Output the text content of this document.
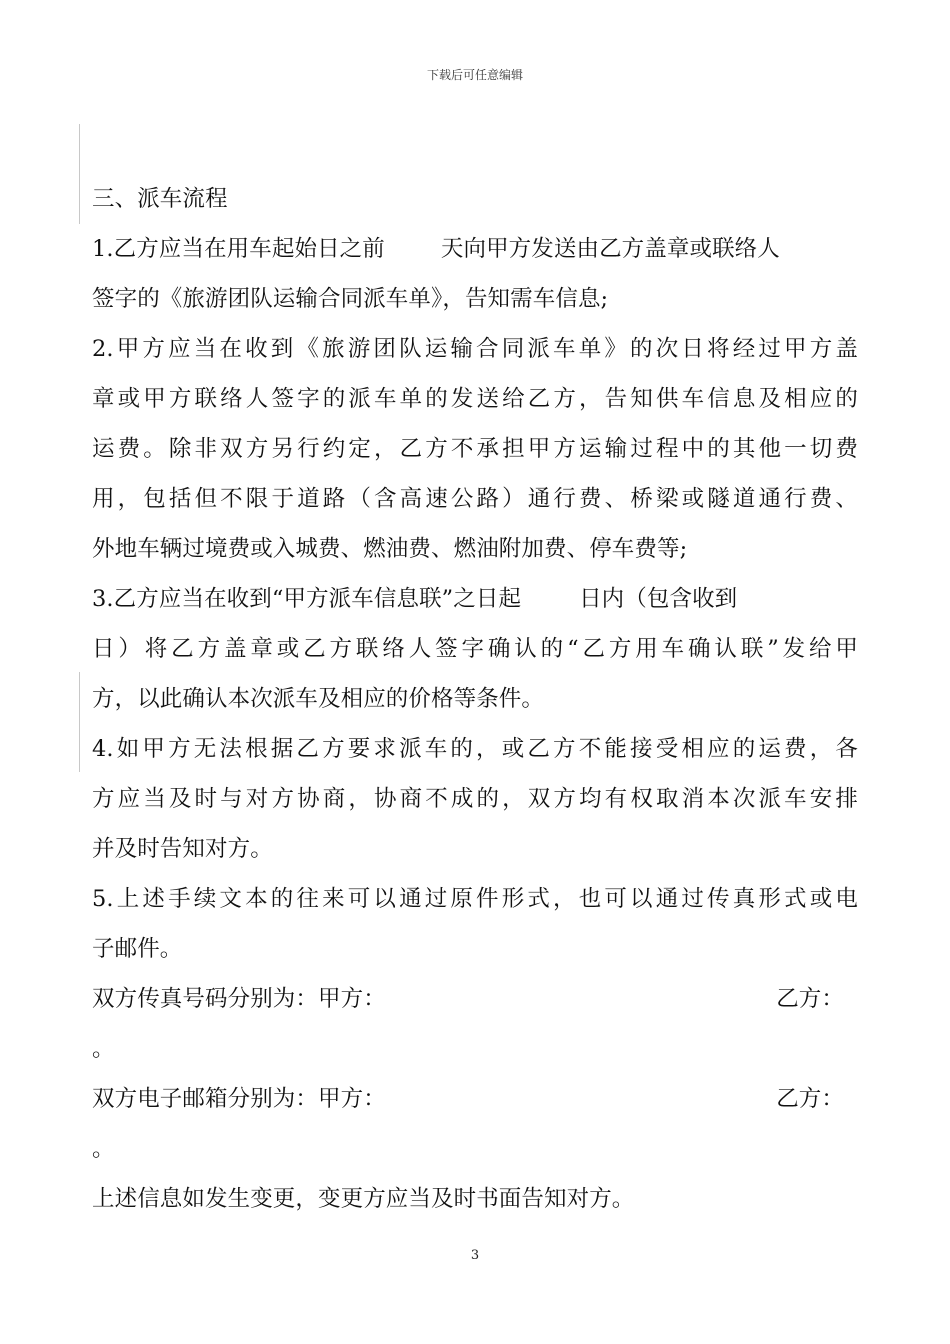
下载后可任意编辑
三、派车流程
1.乙方应当在用车起始日之前 天向甲方发送由乙方盖章或联络人
签字的《旅游团队运输合同派车单》，告知需车信息;
2.甲方应当在收到《旅游团队运输合同派车单》的次日将经过甲方盖
章或甲方联络人签字的派车单的发送给乙方，告知供车信息及相应的
运费。除非双方另行约定，乙方不承担甲方运输过程中的其他一切费
用，包括但不限于道路（含高速公路）通行费、桥梁或隧道通行费、
外地车辆过境费或入城费、燃油费、燃油附加费、停车费等;
3.乙方应当在收到“甲方派车信息联”之日起	日内（包含收到
日）将乙方盖章或乙方联络人签字确认的“乙方用车确认联”发给甲
方，以此确认本次派车及相应的价格等条件。
4.如甲方无法根据乙方要求派车的，或乙方不能接受相应的运费，各
方应当及时与对方协商，协商不成的，双方均有权取消本次派车安排
并及时告知对方。
5.上述手续文本的往来可以通过原件形式，也可以通过传真形式或电
子邮件。
双方传真号码分别为：甲方：	乙方：
。
双方电子邮箱分别为：甲方：	乙方：
。
上述信息如发生变更，变更方应当及时书面告知对方。
3
